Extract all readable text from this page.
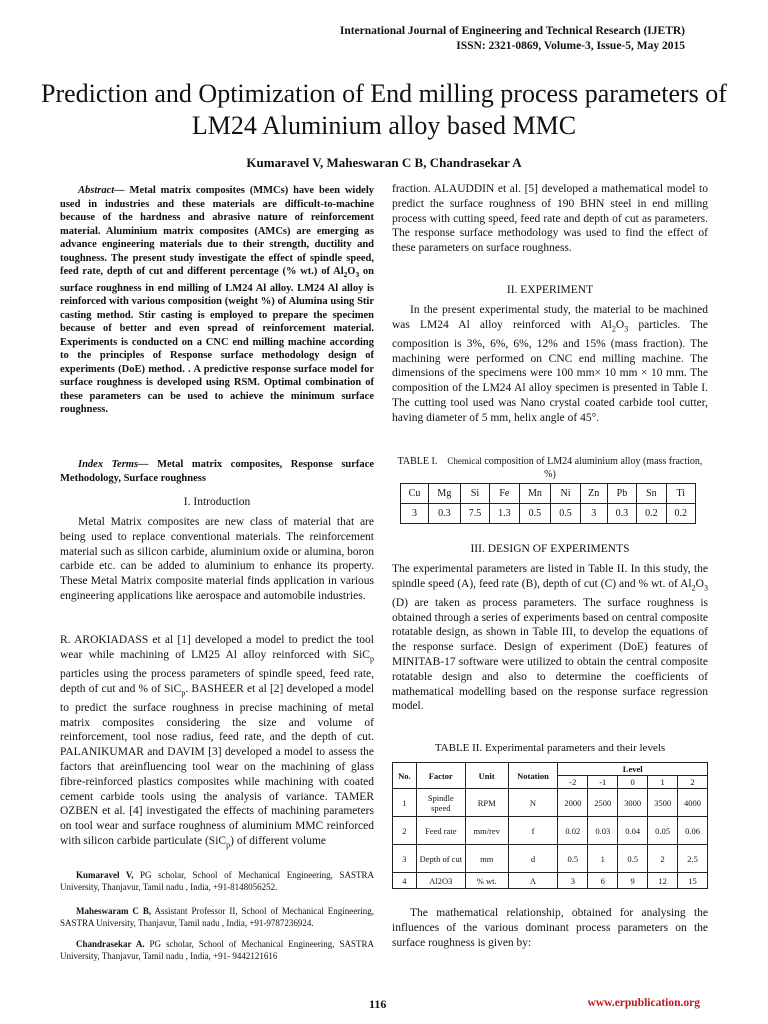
International Journal of Engineering and Technical Research (IJETR)
ISSN: 2321-0869, Volume-3, Issue-5, May 2015
Prediction and Optimization of End milling process parameters of LM24 Aluminium alloy based MMC
Kumaravel V, Maheswaran C B, Chandrasekar A
Abstract— Metal matrix composites (MMCs) have been widely used in industries and these materials are difficult-to-machine because of the hardness and abrasive nature of reinforcement material. Aluminium matrix composites (AMCs) are emerging as advance engineering materials due to their strength, ductility and toughness. The present study investigate the effect of spindle speed, feed rate, depth of cut and different percentage (% wt.) of $Al_2O_3$ on surface roughness in end milling of LM24 Al alloy. LM24 Al alloy is reinforced with various composition (weight %) of Alumina using Stir casting method. Stir casting is employed to prepare the specimen because of better and even spread of reinforcement material. Experiments is conducted on a CNC end milling machine according to the principles of Response surface methodology design of experiments (DoE) method. . A predictive response surface model for surface roughness is developed using RSM. Optimal combination of these parameters can be used to achieve the minimum surface roughness.
Index Terms— Metal matrix composites, Response surface Methodology, Surface roughness
I. Introduction

Metal Matrix composites are new class of material that are being used to replace conventional materials. The reinforcement material such as silicon carbide, aluminium oxide or alumina, boron carbide etc. can be added to aluminium to enhance its property. These Metal Matrix composite material finds application in various engineering applications like aerospace and automobile industries.

R. AROKIADASS et al [1] developed a model to predict the tool wear while machining of LM25 Al alloy reinforced with SiC$_p$ particles using the process parameters of spindle speed, feed rate, depth of cut and % of SiC$_p$. BASHEER et al [2] developed a model to predict the surface roughness in precise machining of metal matrix composites considering the size and volume of reinforcement, tool nose radius, feed rate, and the depth of cut. PALANIKUMAR and DAVIM [3] developed a model to assess the factors that areinfluencing tool wear on the machining of glass fibre-reinforced plastics composites while machining with coated cement carbide tools using the analysis of variance. TAMER OZBEN et al. [4] investigated the effects of machining parameters on tool wear and surface roughness of aluminium MMC reinforced with silicon carbide particulate (SiC$_p$) of different volume

Kumaravel V, PG scholar, School of Mechanical Engineering, SASTRA University, Thanjavur, Tamil nadu , India, +91-8148056252.
Maheswaram C B, Assistant Professor II, School of Mechanical Engineering, SASTRA University, Thanjavur, Tamil nadu , India, +91-9787236924.
Chandrasekar A. PG scholar, School of Mechanical Engineering, SASTRA University, Thanjavur, Tamil nadu , India, +91- 9442121616
fraction. ALAUDDIN et al. [5] developed a mathematical model to predict the surface roughness of 190 BHN steel in end milling process with cutting speed, feed rate and depth of cut as parameters. The response surface methodology was used to find the effect of these parameters on surface roughness.
II. EXPERIMENT

In the present experimental study, the material to be machined was LM24 Al alloy reinforced with $Al_2O_3$ particles. The composition is 3%, 6%, 6%, 12% and 15% (mass fraction). The machining were performed on CNC end milling machine. The dimensions of the specimens were 100 mm× 10 mm × 10 mm. The composition of the LM24 Al alloy specimen is presented in Table I. The cutting tool used was Nano crystal coated carbide tool cutter, having diameter of 5 mm, helix angle of 45°.

TABLE I. Chemical composition of LM24 aluminium alloy (mass fraction, %)
Cu	Mg	Si	Fe	Mn	Ni	Zn	Pb	Sn	Ti
3	0.3	7.5	1.3	0.5	0.5	3	0.3	0.2	0.2
III. DESIGN OF EXPERIMENTS

The experimental parameters are listed in Table II. In this study, the spindle speed (A), feed rate (B), depth of cut (C) and % wt. of $Al_2O_3$ (D) are taken as process parameters. The surface roughness is obtained through a series of experiments based on central composite rotatable design, as shown in Table III, to develop the equations of the response surface. Design of experiment (DoE) features of MINITAB-17 software were utilized to obtain the central composite rotatable design and also to determine the coefficients of mathematical modelling based on the response surface regression model.

TABLE II. Experimental parameters and their levels
No.	Factor	Unit	Notation	Level				
				-2	-1	0	1	2
1	Spindle speed	RPM	N	2000	2500	3000	3500	4000
2	Feed rate	mm/rev	f	0.02	0.03	0.04	0.05	0.06
3	Depth of cut	mm	d	0.5	1	0.5	2	2.5
4	Al2O3	% wt.	A	3	6	9	12	15

The mathematical relationship, obtained for analysing the influences of the various dominant process parameters on the surface roughness is given by:

116	www.erpublication.org
